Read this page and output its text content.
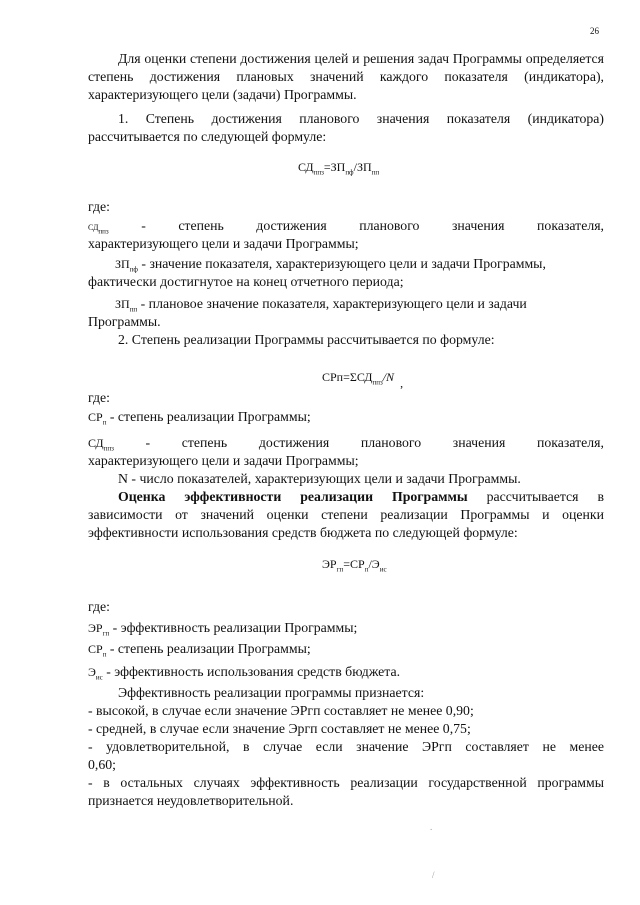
26
Для оценки степени достижения целей и решения задач Программы определяется степень достижения плановых значений каждого показателя (индикатора), характеризующего цели (задачи) Программы.
1. Степень достижения планового значения показателя (индикатора) рассчитывается по следующей формуле:
$СД_{ппз}=ЗП_{пф}/ЗП_{пп}$
где:
$СД_{ппз}$ - степень достижения планового значения показателя,
характеризующего цели и задачи Программы;
$ЗП_{пф}$ - значение показателя, характеризующего цели и задачи Программы,
фактически достигнутое на конец отчетного периода;
$ЗП_{пп}$ - плановое значение показателя, характеризующего цели и задачи
Программы.
2. Степень реализации Программы рассчитывается по формуле:
$СРп=\Sigma СД_{ппз}/N$ ,
где:
$СР_п$ - степень реализации Программы;
$СД_{ппз}$ - степень достижения планового значения показателя,
характеризующего цели и задачи Программы;
N - число показателей, характеризующих цели и задачи Программы.
Оценка эффективности реализации Программы рассчитывается в зависимости от значений оценки степени реализации Программы и оценки эффективности использования средств бюджета по следующей формуле:
$ЭР_{гп}=СР_п/Э_{ис}$
где:
$ЭР_{гп}$ - эффективность реализации Программы;
$СР_п$ - степень реализации Программы;
$Э_{ис}$ - эффективность использования средств бюджета.
Эффективность реализации программы признается:
- высокой, в случае если значение ЭРгп составляет не менее 0,90;
- средней, в случае если значение Эргп составляет не менее 0,75;
- удовлетворительной, в случае если значение ЭРгп составляет не менее
0,60;
- в остальных случаях эффективность реализации государственной программы признается неудовлетворительной.
.
/
